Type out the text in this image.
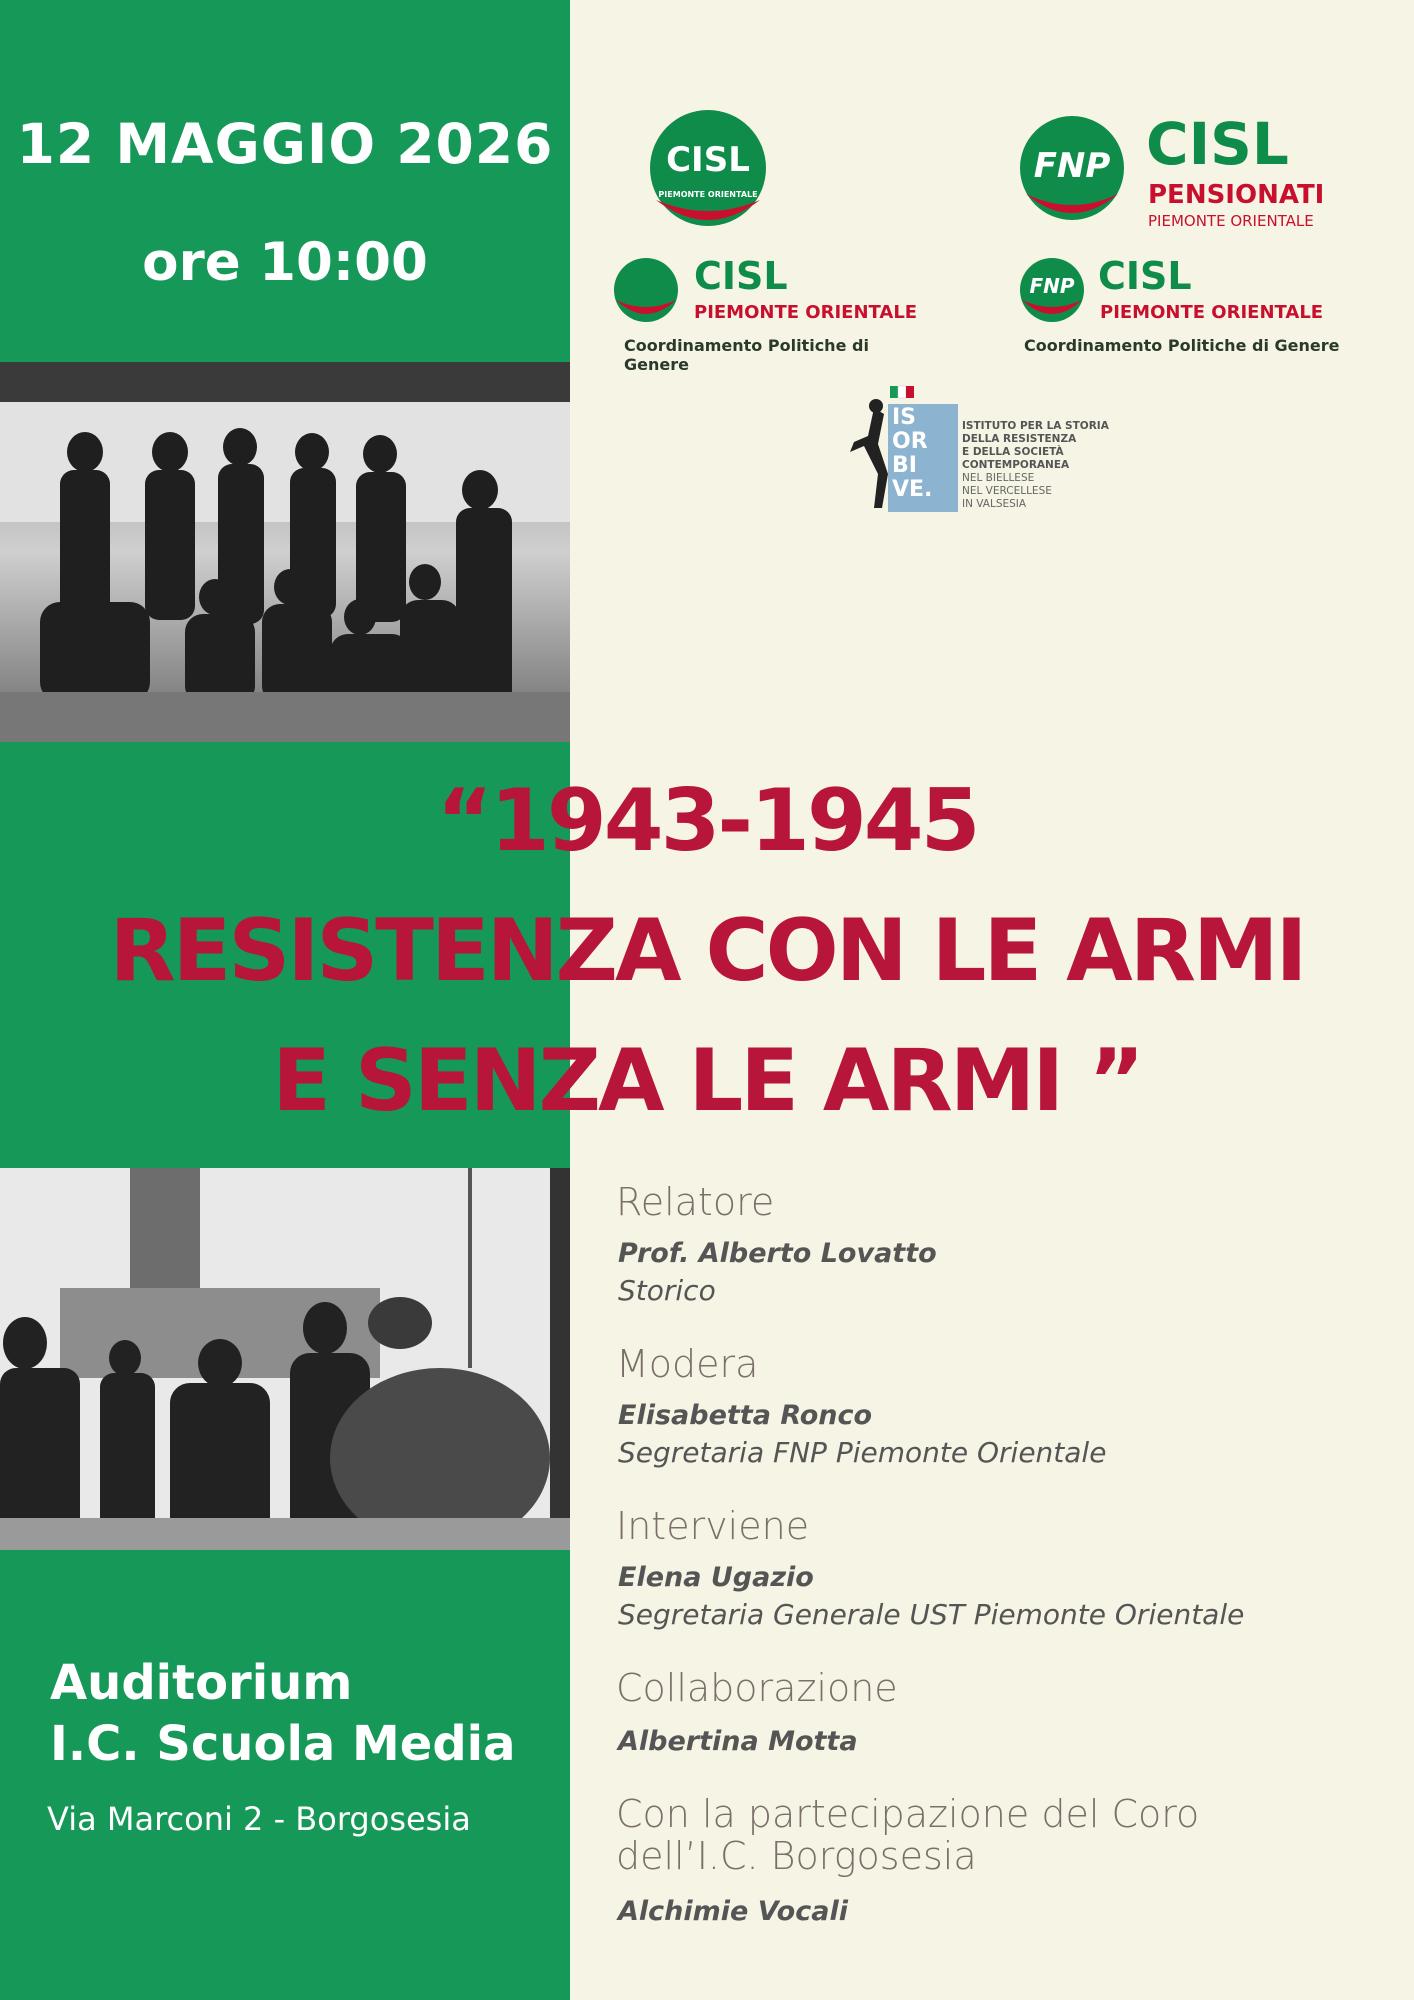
12 MAGGIO 2026
ore 10:00
CISL
PIEMONTE ORIENTALE
FNP CISL
PENSIONATI
PIEMONTE ORIENTALE
CISL
PIEMONTE ORIENTALE
Coordinamento Politiche di Genere
FNP CISL
PIEMONTE ORIENTALE
Coordinamento Politiche di Genere
IS OR BI VE.
ISTITUTO PER LA STORIA
DELLA RESISTENZA
E DELLA SOCIETÀ
CONTEMPORANEA
NEL BIELLESE
NEL VERCELLESE
IN VALSESIA
“1943-1945
RESISTENZA CON LE ARMI
E SENZA LE ARMI ”
Auditorium
I.C. Scuola Media
Via Marconi 2 - Borgosesia
Relatore
Prof. Alberto Lovatto
Storico
Modera
Elisabetta Ronco
Segretaria FNP Piemonte Orientale
Interviene
Elena Ugazio
Segretaria Generale UST Piemonte Orientale
Collaborazione
Albertina Motta
Con la partecipazione del Coro
dell’I.C. Borgosesia
Alchimie Vocali
